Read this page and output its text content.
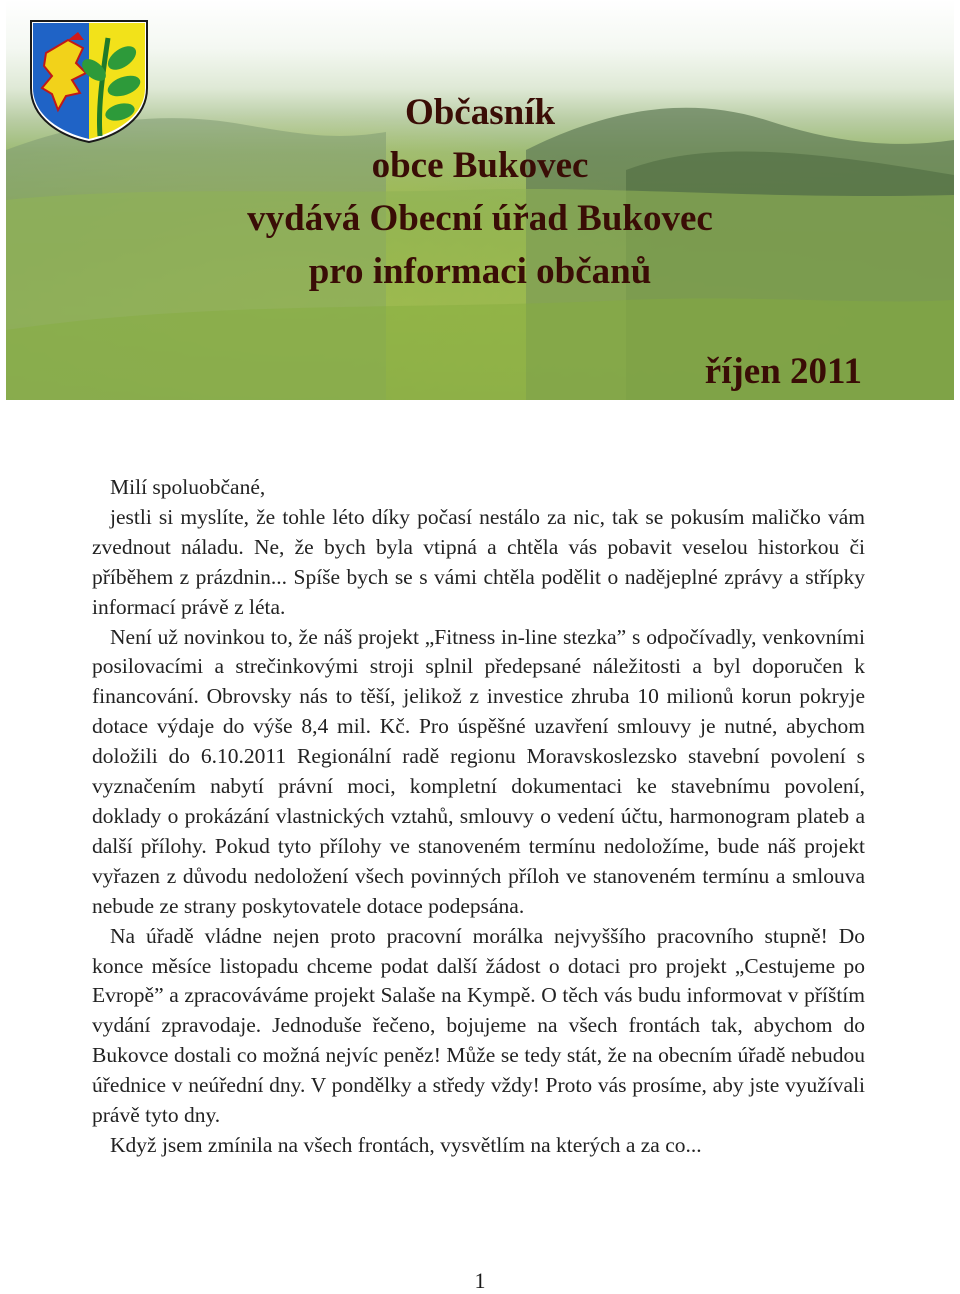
Občasník
obce Bukovec
vydává Obecní úřad Bukovec
pro informaci občanů
říjen 2011

Milí spoluobčané,

jestli si myslíte, že tohle léto díky počasí nestálo za nic, tak se pokusím maličko vám zvednout náladu. Ne, že bych byla vtipná a chtěla vás pobavit veselou historkou či příběhem z prázdnin... Spíše bych se s vámi chtěla podělit o nadějeplné zprávy a střípky informací právě z léta.

Není už novinkou to, že náš projekt „Fitness in-line stezka” s odpočívadly, venkovními posilovacími a strečinkovými stroji splnil předepsané náležitosti a byl doporučen k financování. Obrovsky nás to těší, jelikož z investice zhruba 10 milionů korun pokryje dotace výdaje do výše 8,4 mil. Kč. Pro úspěšné uzavření smlouvy je nutné, abychom doložili do 6.10.2011 Regionální radě regionu Moravskoslezsko stavební povolení s vyznačením nabytí právní moci, kompletní dokumentaci ke stavebnímu povolení, doklady o prokázání vlastnických vztahů, smlouvy o vedení účtu, harmonogram plateb a další přílohy. Pokud tyto přílohy ve stanoveném termínu nedoložíme, bude náš projekt vyřazen z důvodu nedoložení všech povinných příloh ve stanoveném termínu a smlouva nebude ze strany poskytovatele dotace podepsána.

Na úřadě vládne nejen proto pracovní morálka nejvyššího pracovního stupně! Do konce měsíce listopadu chceme podat další žádost o dotaci pro projekt „Cestujeme po Evropě” a zpracováváme projekt Salaše na Kympě. O těch vás budu informovat v příštím vydání zpravodaje. Jednoduše řečeno, bojujeme na všech frontách tak, abychom do Bukovce dostali co možná nejvíc peněz! Může se tedy stát, že na obecním úřadě nebudou úřednice v neúřední dny. V pondělky a středy vždy! Proto vás prosíme, aby jste využívali právě tyto dny.

Když jsem zmínila na všech frontách, vysvětlím na kterých a za co...

1
